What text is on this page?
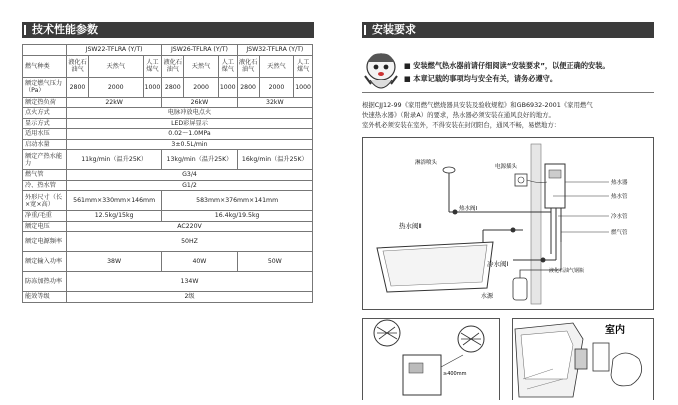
技术性能参数
	JSW22-TFLRA (Y/T)			JSW26-TFLRA (Y/T)			JSW32-TFLRA (Y/T)		
燃气种类	液化石油气	天然气	人工煤气	液化石油气	天然气	人工煤气	液化石油气	天然气	人工煤气
额定燃气压力（Pa）	2800	2000	1000	2800	2000	1000	2800	2000	1000
额定热负荷	22kW			26kW			32kW		
点火方式	电脉冲放电点火								
显示方式	LED彩屏显示								
适用水压	0.02～1.0MPa								
启动水量	3±0.5L/min								
额定产热水能力	11kg/min（温升25K）			13kg/min（温升25K）			16kg/min（温升25K）		
燃气管	G3/4								
冷、热水管	G1/2								
外形尺寸（长×宽×高）	561mm×330mm×146mm			583mm×376mm×141mm					
净重/毛重	12.5kg/15kg			16.4kg/19.5kg					
额定电压	AC220V								
额定电源频率	50HZ								
额定输入功率	38W			40W			50W		
防冻加热功率	134W								
能效等级	2级								
安装要求
■ 安装燃气热水器前请仔细阅读“安装要求”，以便正确的安装。
■ 本章记载的事项均与安全有关，请务必遵守。
根据CJJ12-99《家用燃气燃烧器具安装及验收规程》和GB6932-2001《家用燃气
快速热水器》（附录A）的要求，热水器必须安装在通风良好的地方。
室外机必须安装在室外，不得安装在封闭阳台，通风不畅，易燃地方：
淋浴喷头
电源插头
热水器
热水管
冷水管
燃气管
热水阀Ⅰ
热水阀Ⅱ
冷水阀Ⅰ
液化石油气钢瓶
水源
≥400mm
室内
